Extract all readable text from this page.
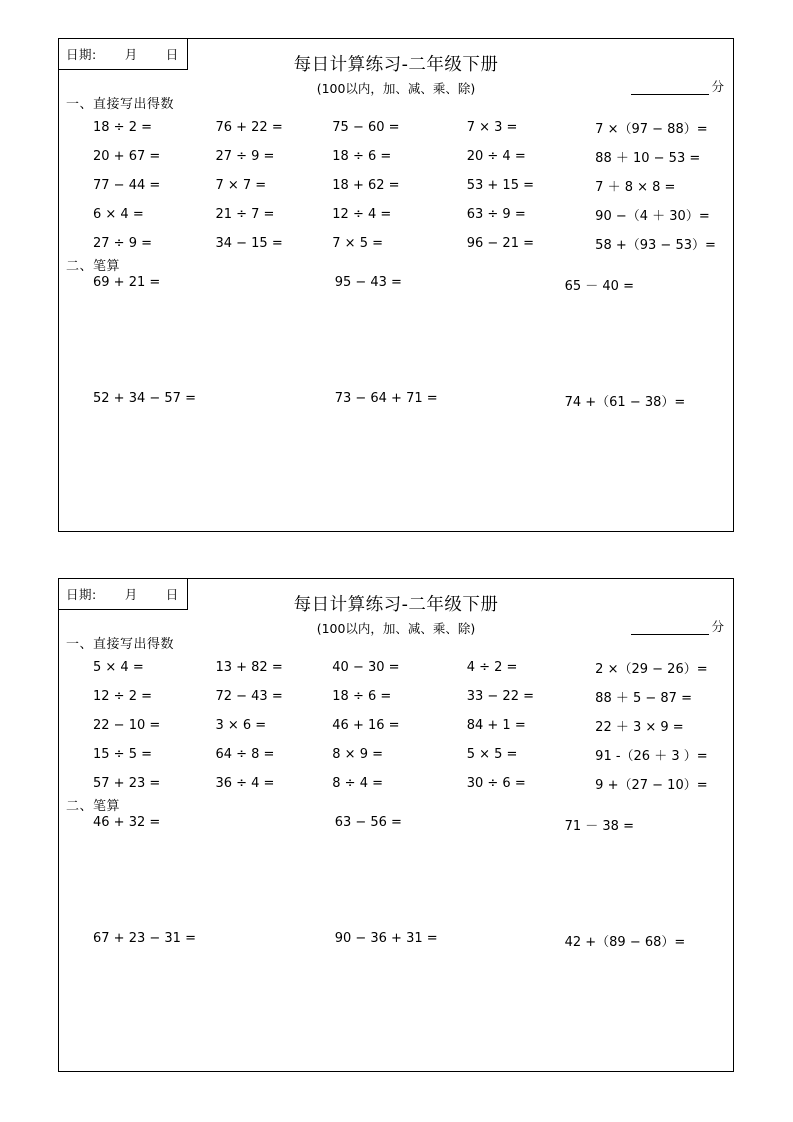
日期: 月 日
每日计算练习-二年级下册
(100以内，加、减、乘、除)	分
一、直接写出得数
18 ÷ 2 =	76 + 22 =	75 − 60 =	7 × 3 =	7 ×（97 − 88）=
20 + 67 =	27 ÷ 9 =	18 ÷ 6 =	20 ÷ 4 =	88 ＋ 10 − 53 =
77 − 44 =	7 × 7 =	18 + 62 =	53 + 15 =	7 ＋ 8 × 8 =
6 × 4 =	21 ÷ 7 =	12 ÷ 4 =	63 ÷ 9 =	90 −（4 ＋ 30）=
27 ÷ 9 =	34 − 15 =	7 × 5 =	96 − 21 =	58 +（93 − 53）=
二、笔算
69 + 21 =	95 − 43 =	65 － 40 =
52 + 34 − 57 =	73 − 64 + 71 =	74 +（61 − 38）=
日期: 月 日
每日计算练习-二年级下册
(100以内，加、减、乘、除)	分
一、直接写出得数
5 × 4 =	13 + 82 =	40 − 30 =	4 ÷ 2 =	2 ×（29 − 26）=
12 ÷ 2 =	72 − 43 =	18 ÷ 6 =	33 − 22 =	88 ＋ 5 − 87 =
22 − 10 =	3 × 6 =	46 + 16 =	84 + 1 =	22 ＋ 3 × 9 =
15 ÷ 5 =	64 ÷ 8 =	8 × 9 =	5 × 5 =	91 -（26 ＋ 3 ）=
57 + 23 =	36 ÷ 4 =	8 ÷ 4 =	30 ÷ 6 =	9 +（27 − 10）=
二、笔算
46 + 32 =	63 − 56 =	71 － 38 =
67 + 23 − 31 =	90 − 36 + 31 =	42 +（89 − 68）=
